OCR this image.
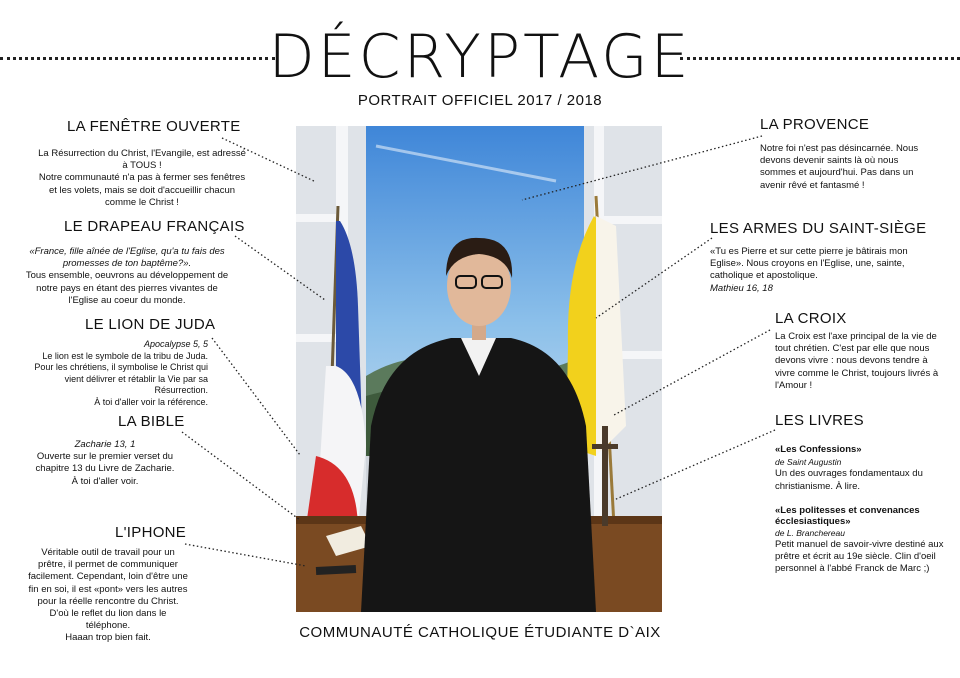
DÉCRYPTAGE
PORTRAIT OFFICIEL 2017 / 2018
LA FENÊTRE OUVERTE

La Résurrection du Christ, l'Evangile, est adressé à TOUS !

Notre communauté n'a pas à fermer ses fenêtres et les volets, mais se doit d'accueillir chacun comme le Christ !

LE DRAPEAU FRANÇAIS

«France, fille aînée de l'Eglise, qu'a tu fais des promesses de ton baptême?».

Tous ensemble, oeuvrons au développement de notre pays en étant des pierres vivantes de l'Eglise au coeur du monde.

LE LION DE JUDA

Apocalypse 5, 5

Le lion est le symbole de la tribu de Juda. Pour les chrétiens, il symbolise le Christ qui vient délivrer et rétablir la Vie par sa Résurrection.

À toi d'aller voir la référence.

LA BIBLE

Zacharie 13, 1

Ouverte sur le premier verset du chapitre 13 du Livre de Zacharie.

À toi d'aller voir.

L'IPHONE

Véritable outil de travail pour un prêtre, il permet de communiquer facilement. Cependant, loin d'être une fin en soi, il est «pont» vers les autres pour la réelle rencontre du Christ. D'où le reflet du lion dans le téléphone.

Haaan trop bien fait.

LA PROVENCE

Notre foi n'est pas désincarnée. Nous devons devenir saints là où nous sommes et aujourd'hui. Pas dans un avenir rêvé et fantasmé !

LES ARMES DU SAINT-SIÈGE

«Tu es Pierre et sur cette pierre je bâtirais mon Eglise». Nous croyons en l'Eglise, une, sainte, catholique et apostolique.

Mathieu 16, 18

LA CROIX

La Croix est l'axe principal de la vie de tout chrétien. C'est par elle que nous devons vivre : nous devons tendre à vivre comme le Christ, toujours livrés à l'Amour !

LES LIVRES

«Les Confessions»

de Saint Augustin

Un des ouvrages fondamentaux du christianisme. À lire.

«Les politesses et convenances écclesiastiques»

de L. Branchereau

Petit manuel de savoir-vivre destiné aux prêtre et écrit au 19e siècle. Clin d'oeil personnel à l'abbé Franck de Marc ;)

COMMUNAUTÉ CATHOLIQUE ÉTUDIANTE D`AIX
